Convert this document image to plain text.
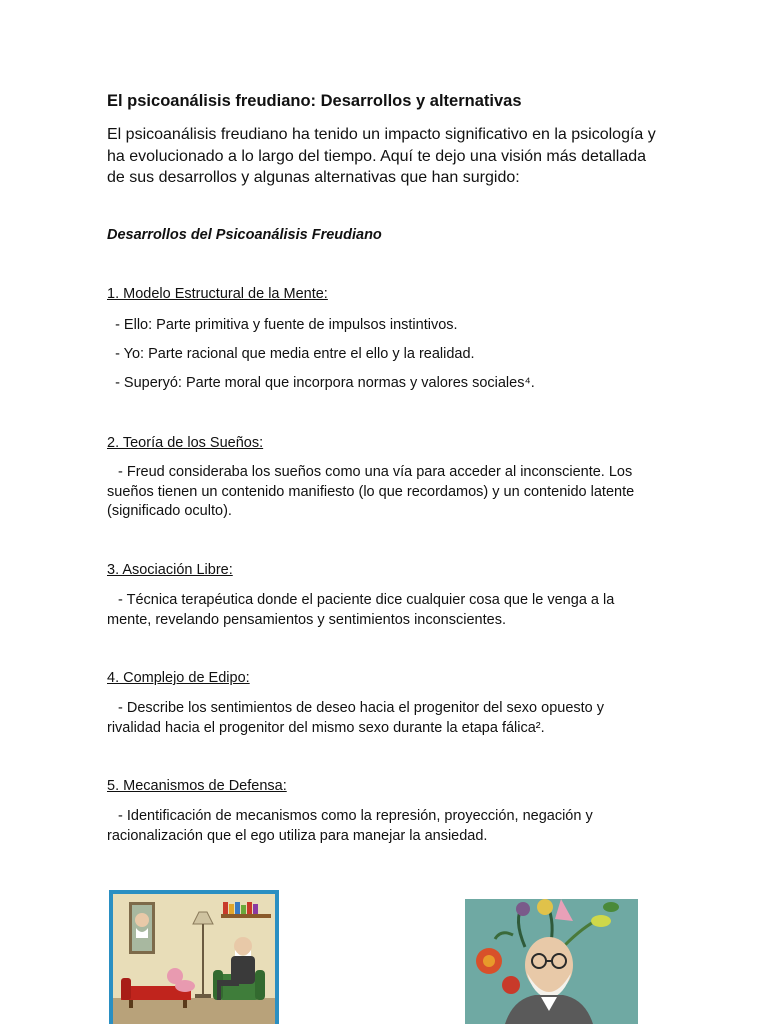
El psicoanálisis freudiano: Desarrollos y alternativas

El psicoanálisis freudiano ha tenido un impacto significativo en la psicología y ha evolucionado a lo largo del tiempo. Aquí te dejo una visión más detallada de sus desarrollos y algunas alternativas que han surgido:

Desarrollos del Psicoanálisis Freudiano

1. Modelo Estructural de la Mente:

- Ello: Parte primitiva y fuente de impulsos instintivos.

- Yo: Parte racional que media entre el ello y la realidad.

- Superyó: Parte moral que incorpora normas y valores sociales⁴.

2. Teoría de los Sueños:

- Freud consideraba los sueños como una vía para acceder al inconsciente. Los sueños tienen un contenido manifiesto (lo que recordamos) y un contenido latente (significado oculto).

3. Asociación Libre:

- Técnica terapéutica donde el paciente dice cualquier cosa que le venga a la mente, revelando pensamientos y sentimientos inconscientes.

4. Complejo de Edipo:

- Describe los sentimientos de deseo hacia el progenitor del sexo opuesto y rivalidad hacia el progenitor del mismo sexo durante la etapa fálica².

5. Mecanismos de Defensa:

- Identificación de mecanismos como la represión, proyección, negación y racionalización que el ego utiliza para manejar la ansiedad.
